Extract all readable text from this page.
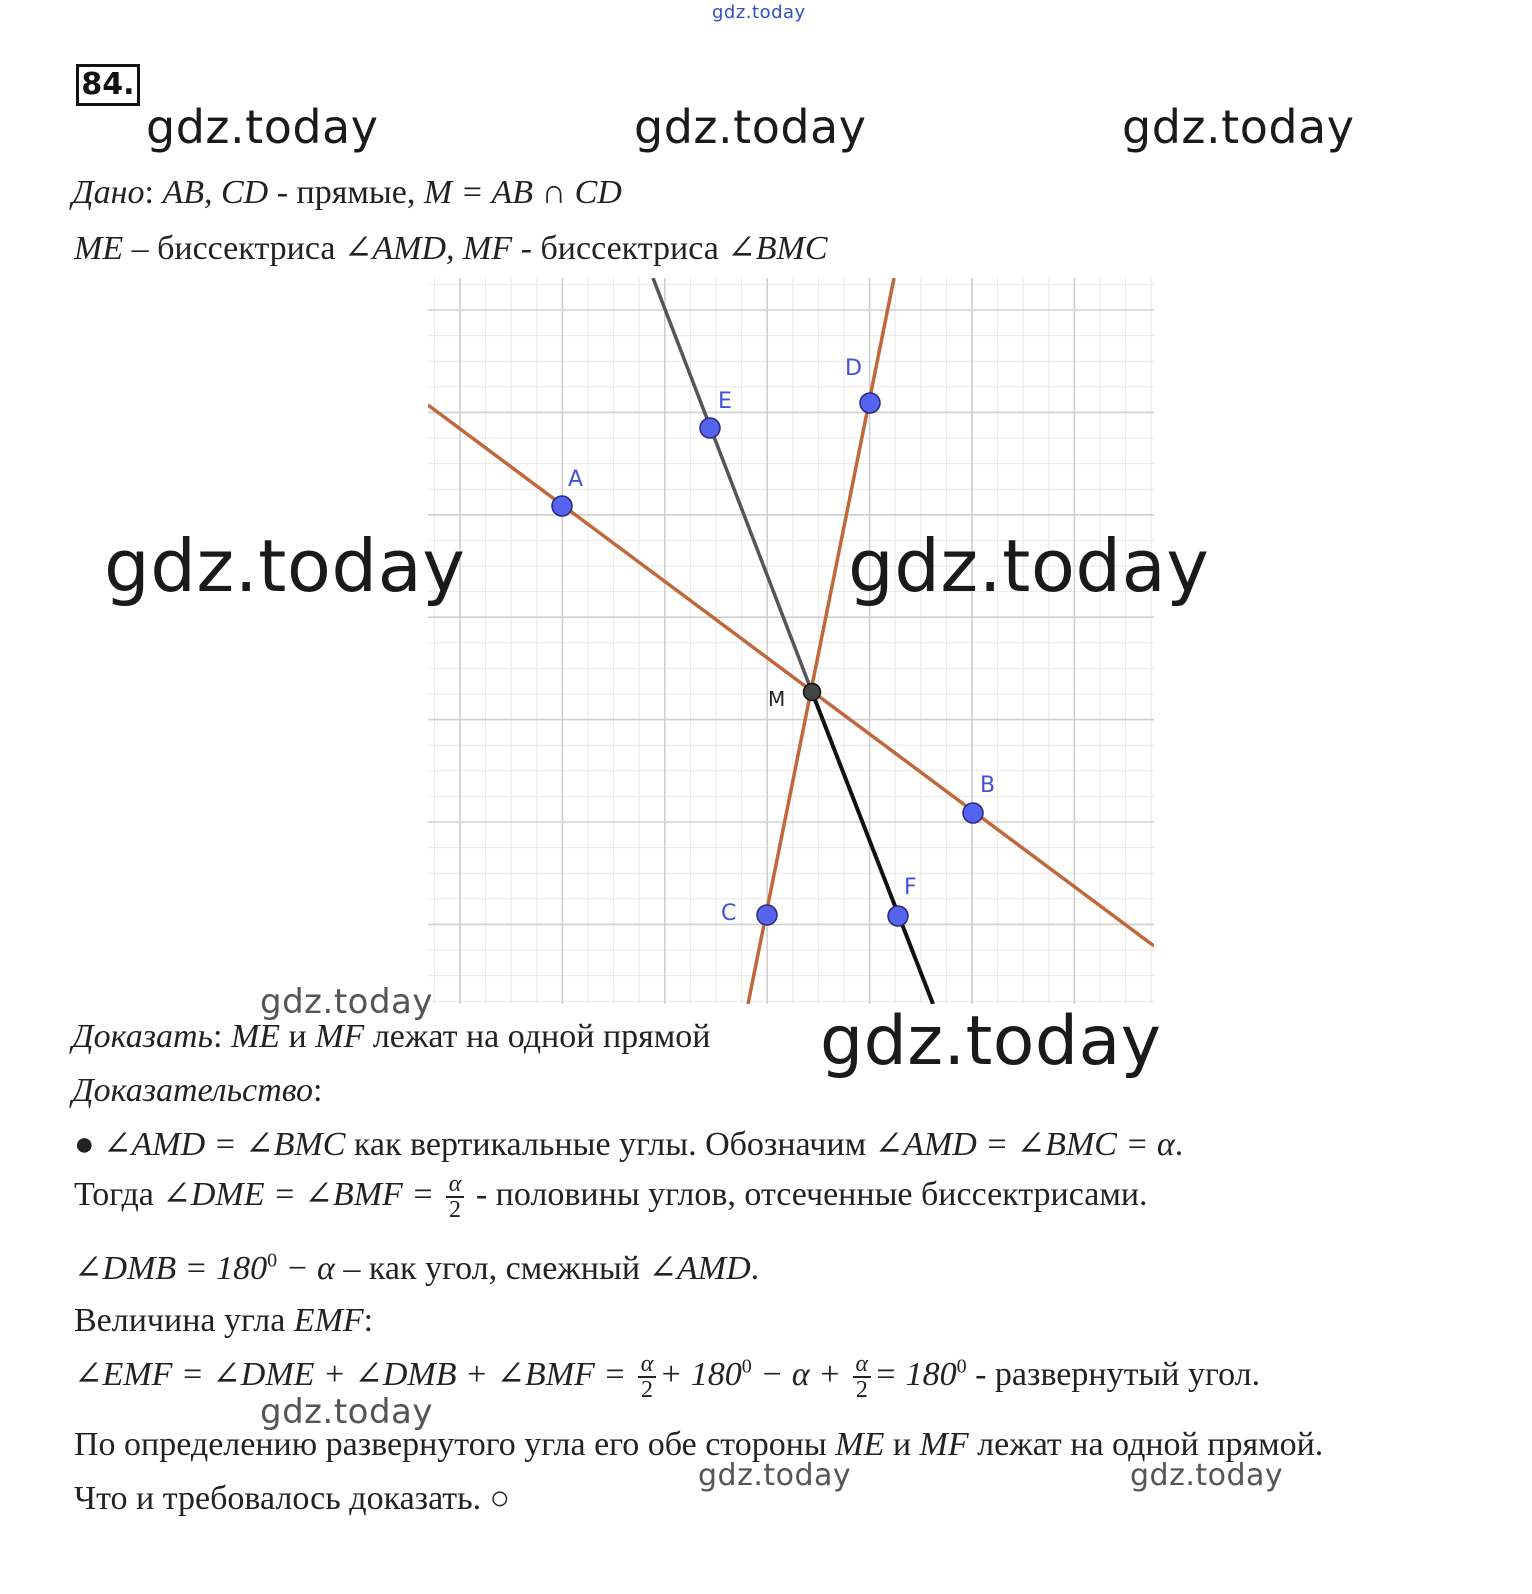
gdz.today
84.
gdz.today	gdz.today	gdz.today
Дано: AB, CD - прямые, M = AB ∩ CD
ME – биссектриса ∠AMD, MF - биссектриса ∠BMC
A
E
D
M
B
C
F
gdz.today	gdz.today
gdz.today
Доказать: ME и MF лежат на одной прямой gdz.today
Доказательство:
● ∠AMD = ∠BMC как вертикальные углы. Обозначим ∠AMD = ∠BMC = α.
Тогда ∠DME = ∠BMF = $\frac{\alpha}{2}$ - половины углов, отсеченные биссектрисами.
∠DMB = $180^0 - \alpha$ – как угол, смежный ∠AMD.
Величина угла EMF:
∠EMF = ∠DME + ∠DMB + ∠BMF = $\frac{\alpha}{2} + 180^0 - \alpha + \frac{\alpha}{2} = 180^0$ - развернутый угол.
gdz.today
По определению развернутого угла его обе стороны ME и MF лежат на одной прямой.
gdz.today	gdz.today
Что и требовалось доказать. ○
